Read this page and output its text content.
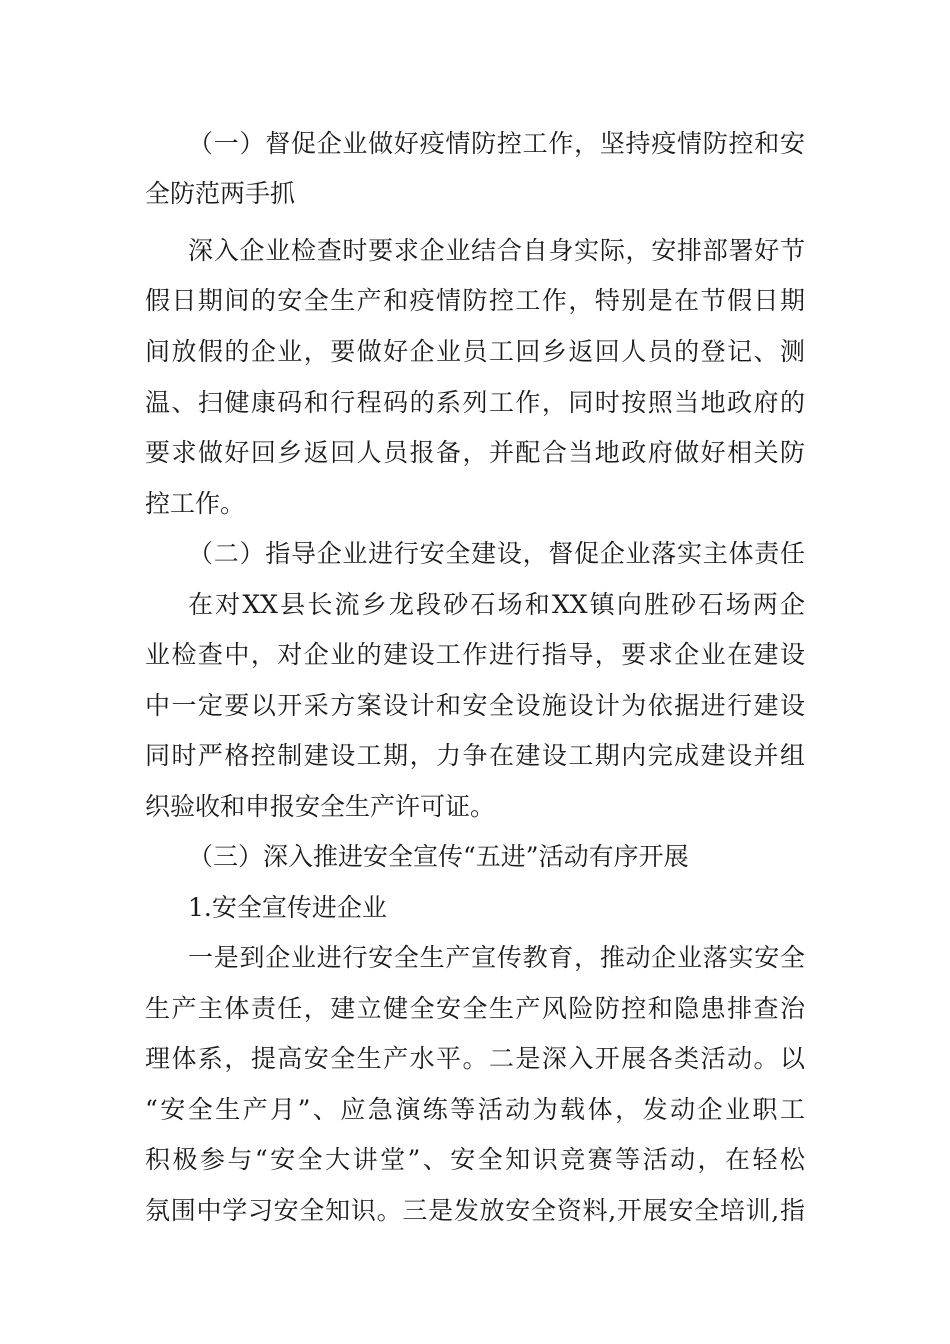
（一）督促企业做好疫情防控工作，坚持疫情防控和安
全防范两手抓
深入企业检查时要求企业结合自身实际，安排部署好节
假日期间的安全生产和疫情防控工作，特别是在节假日期
间放假的企业，要做好企业员工回乡返回人员的登记、测
温、扫健康码和行程码的系列工作，同时按照当地政府的
要求做好回乡返回人员报备，并配合当地政府做好相关防
控工作。
（二）指导企业进行安全建设，督促企业落实主体责任
在对XX县长流乡龙段砂石场和XX镇向胜砂石场两企
业检查中，对企业的建设工作进行指导，要求企业在建设
中一定要以开采方案设计和安全设施设计为依据进行建设
同时严格控制建设工期，力争在建设工期内完成建设并组
织验收和申报安全生产许可证。
（三）深入推进安全宣传“五进”活动有序开展
1.安全宣传进企业
一是到企业进行安全生产宣传教育，推动企业落实安全
生产主体责任，建立健全安全生产风险防控和隐患排查治
理体系，提高安全生产水平。二是深入开展各类活动。以
“安全生产月”、应急演练等活动为载体，发动企业职工
积极参与“安全大讲堂”、安全知识竞赛等活动，在轻松
氛围中学习安全知识。三是发放安全资料,开展安全培训,指
